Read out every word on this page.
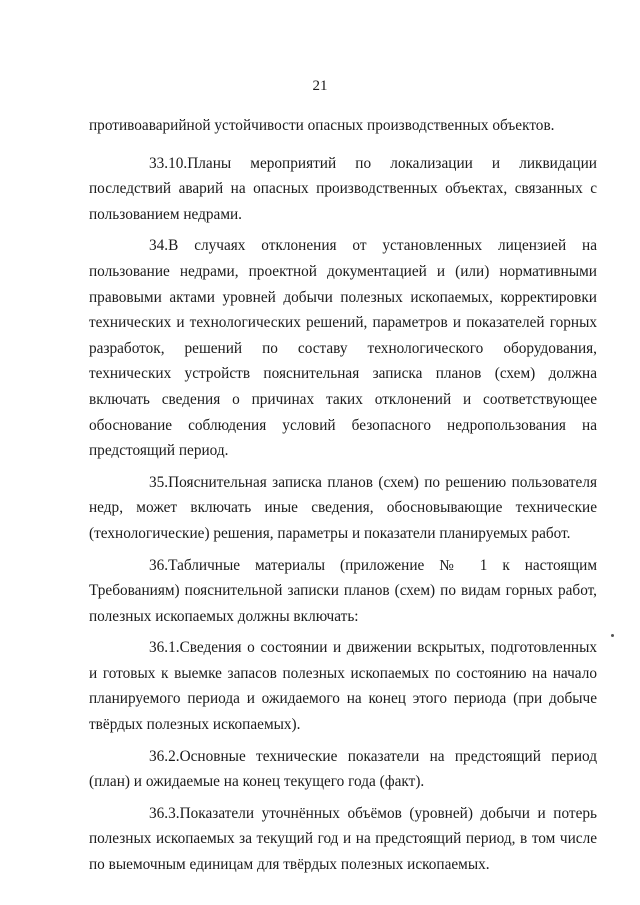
21

противоаварийной устойчивости опасных производственных объектов.

33.10.Планы мероприятий по локализации и ликвидации последствий аварий на опасных производственных объектах, связанных с пользованием недрами.

34.В случаях отклонения от установленных лицензией на пользование недрами, проектной документацией и (или) нормативными правовыми актами уровней добычи полезных ископаемых, корректировки технических и технологических решений, параметров и показателей горных разработок, решений по составу технологического оборудования, технических устройств пояснительная записка планов (схем) должна включать сведения о причинах таких отклонений и соответствующее обоснование соблюдения условий безопасного недропользования на предстоящий период.

35.Пояснительная записка планов (схем) по решению пользователя недр, может включать иные сведения, обосновывающие технические (технологические) решения, параметры и показатели планируемых работ.

36.Табличные материалы (приложение № 1 к настоящим Требованиям) пояснительной записки планов (схем) по видам горных работ, полезных ископаемых должны включать:

36.1.Сведения о состоянии и движении вскрытых, подготовленных и готовых к выемке запасов полезных ископаемых по состоянию на начало планируемого периода и ожидаемого на конец этого периода (при добыче твёрдых полезных ископаемых).

36.2.Основные технические показатели на предстоящий период (план) и ожидаемые на конец текущего года (факт).

36.3.Показатели уточнённых объёмов (уровней) добычи и потерь полезных ископаемых за текущий год и на предстоящий период, в том числе по выемочным единицам для твёрдых полезных ископаемых.
